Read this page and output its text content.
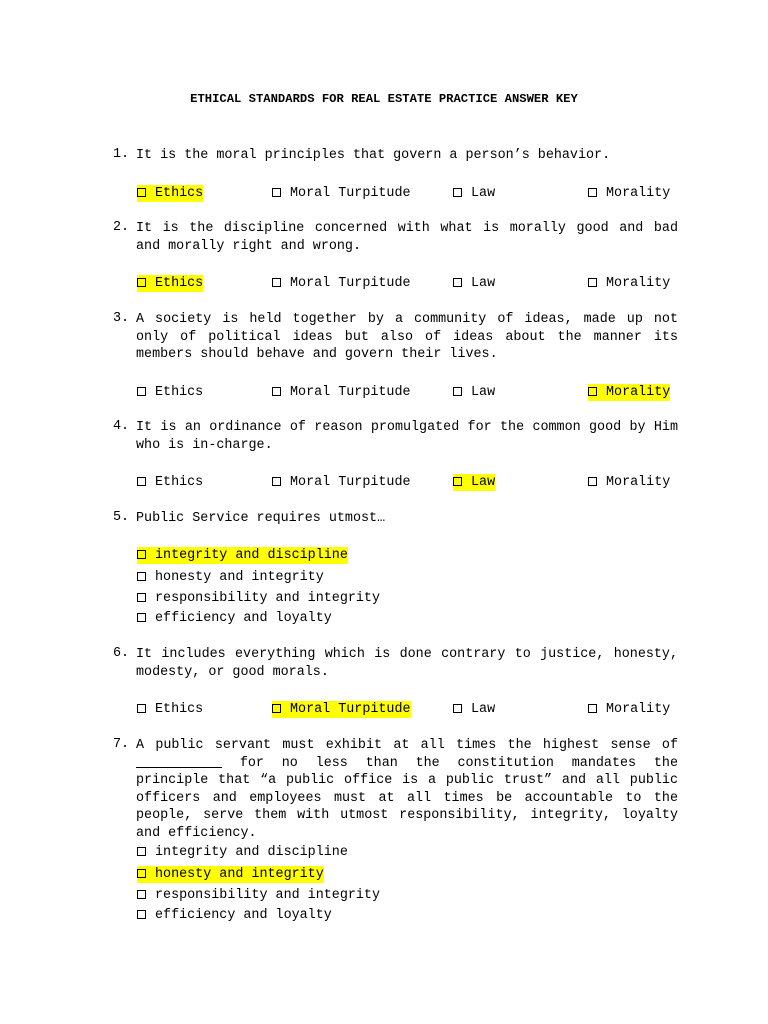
ETHICAL STANDARDS FOR REAL ESTATE PRACTICE ANSWER KEY
1. It is the moral principles that govern a person’s behavior.
Ethics	Moral Turpitude	Law	Morality
2. It is the discipline concerned with what is morally good and bad and morally right and wrong.
Ethics	Moral Turpitude	Law	Morality
3. A society is held together by a community of ideas, made up not only of political ideas but also of ideas about the manner its members should behave and govern their lives.
Ethics	Moral Turpitude	Law	Morality
4. It is an ordinance of reason promulgated for the common good by Him who is in-charge.
Ethics	Moral Turpitude	Law	Morality
5. Public Service requires utmost…
integrity and discipline
honesty and integrity
responsibility and integrity
efficiency and loyalty
6. It includes everything which is done contrary to justice, honesty, modesty, or good morals.
Ethics	Moral Turpitude	Law	Morality
7. A public servant must exhibit at all times the highest sense of  for no less than the constitution mandates the principle that “a public office is a public trust” and all public officers and employees must at all times be accountable to the people, serve them with utmost responsibility, integrity, loyalty and efficiency.
integrity and discipline
honesty and integrity
responsibility and integrity
efficiency and loyalty
